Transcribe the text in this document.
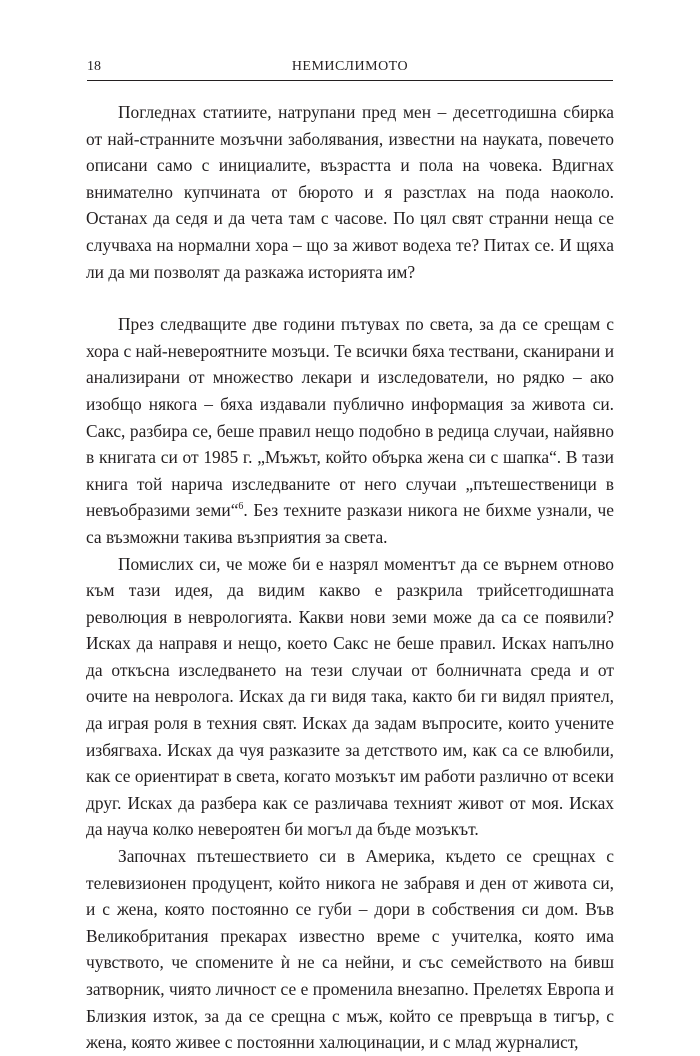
18	НЕМИСЛИМОТО

Погледнах статиите, натрупани пред мен – десетгодишна сбирка от най-странните мозъчни заболявания, известни на науката, повечето описани само с инициалите, възрастта и пола на човека. Вдигнах внимателно купчината от бюрото и я разстлах на пода наоколо. Останах да седя и да чета там с часове. По цял свят странни неща се случваха на нормални хора – що за живот водеха те? Питах се. И щяха ли да ми позволят да разкажа историята им?

През следващите две години пътувах по света, за да се срещам с хора с най-невероятните мозъци. Те всички бяха тествани, сканирани и анализирани от множество лекари и изследователи, но рядко – ако изобщо някога – бяха издавали публично информация за живота си. Сакс, разбира се, беше правил нещо подобно в редица случаи, найявно в книгата си от 1985 г. „Мъжът, който обърка жена си с шапка“. В тази книга той нарича изследваните от него случаи „пътешественици в невъобразими земи“$^6$. Без техните разкази никога не бихме узнали, че са възможни такива възприятия за света.

Помислих си, че може би е назрял моментът да се върнем отново към тази идея, да видим какво е разкрила трийсетгодишната революция в неврологията. Какви нови земи може да са се появили? Исках да направя и нещо, което Сакс не беше правил. Исках напълно да откъсна изследването на тези случаи от болничната среда и от очите на невролога. Исках да ги видя така, както би ги видял приятел, да играя роля в техния свят. Исках да задам въпросите, които учените избягваха. Исках да чуя разказите за детството им, как са се влюбили, как се ориентират в света, когато мозъкът им работи различно от всеки друг. Исках да разбера как се различава техният живот от моя. Исках да науча колко невероятен би могъл да бъде мозъкът.

Започнах пътешествието си в Америка, където се срещнах с телевизионен продуцент, който никога не забравя и ден от живота си, и с жена, която постоянно се губи – дори в собствения си дом. Във Великобритания прекарах известно време с учителка, която има чувството, че спомените ѝ не са нейни, и със семейството на бивш затворник, чиято личност се е променила внезапно. Прелетях Европа и Близкия изток, за да се срещна с мъж, който се превръща в тигър, с жена, която живее с постоянни халюцинации, и с млад журналист,
